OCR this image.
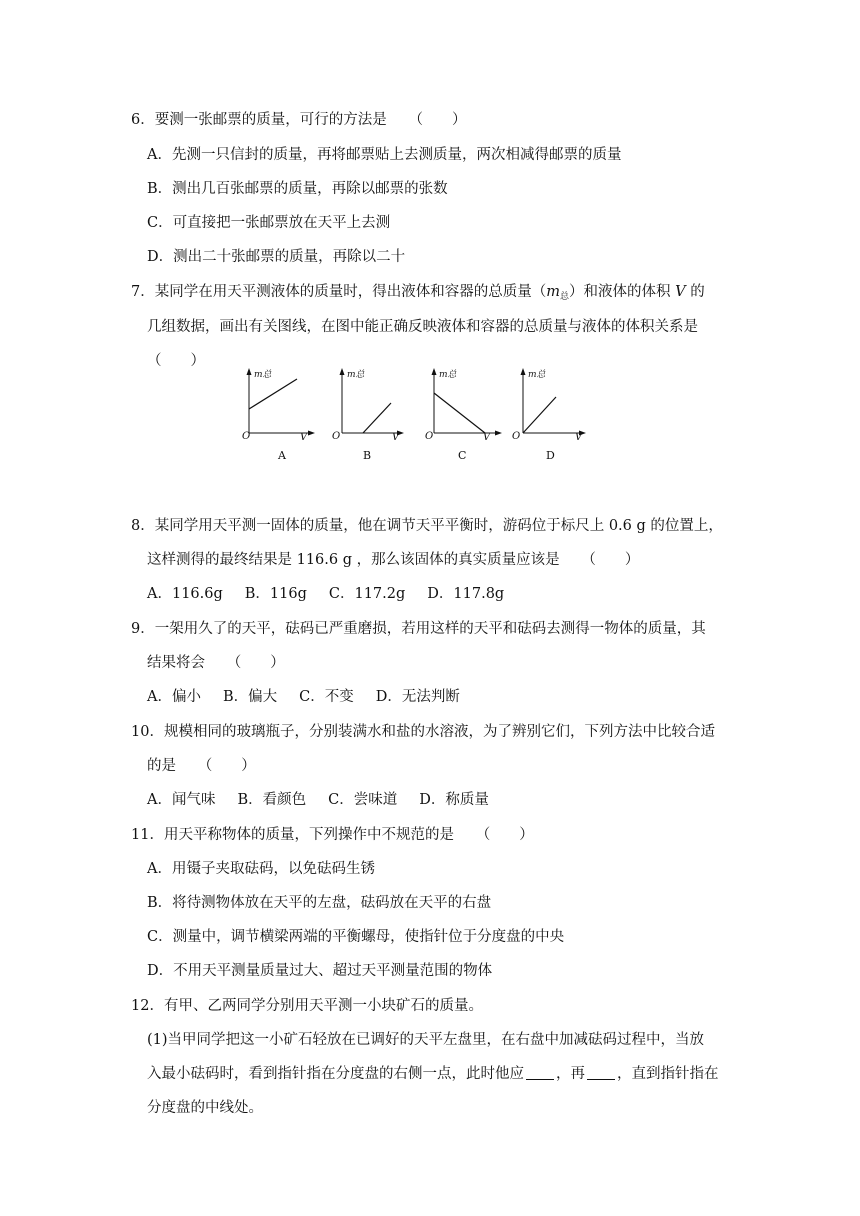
6．要测一张邮票的质量，可行的方法是　　（　　）
A．先测一只信封的质量，再将邮票贴上去测质量，两次相减得邮票的质量
B．测出几百张邮票的质量，再除以邮票的张数
C．可直接把一张邮票放在天平上去测
D．测出二十张邮票的质量，再除以二十
7．某同学在用天平测液体的质量时，得出液体和容器的总质量$(m_总)$和液体的体积 V 的
几组数据，画出有关图线，在图中能正确反映液体和容器的总质量与液体的体积关系是
（　　）
m总
O	V
A
m总
O	V
B
m总
O	V
C
m总
O	V
D
8．某同学用天平测一固体的质量，他在调节天平平衡时，游码位于标尺上 0.6 g 的位置上，
这样测得的最终结果是 116.6 g ，那么该固体的真实质量应该是　　（　　）
A．116.6g B．116g C．117.2g D．117.8g
9．一架用久了的天平，砝码已严重磨损，若用这样的天平和砝码去测得一物体的质量，其
结果将会　　（　　）
A．偏小 B．偏大 C．不变 D．无法判断
10．规模相同的玻璃瓶子，分别装满水和盐的水溶液，为了辨别它们，下列方法中比较合适
的是　　（　　）
A．闻气味 B．看颜色 C．尝味道 D．称质量
11．用天平称物体的质量，下列操作中不规范的是　　（　　）
A．用镊子夹取砝码，以免砝码生锈
B．将待测物体放在天平的左盘，砝码放在天平的右盘
C．测量中，调节横梁两端的平衡螺母，使指针位于分度盘的中央
D．不用天平测量质量过大、超过天平测量范围的物体
12．有甲、乙两同学分别用天平测一小块矿石的质量。
(1)当甲同学把这一小矿石轻放在已调好的天平左盘里，在右盘中加减砝码过程中，当放
入最小砝码时，看到指针指在分度盘的右侧一点，此时他应 ，再 ，直到指针指在
分度盘的中线处。
